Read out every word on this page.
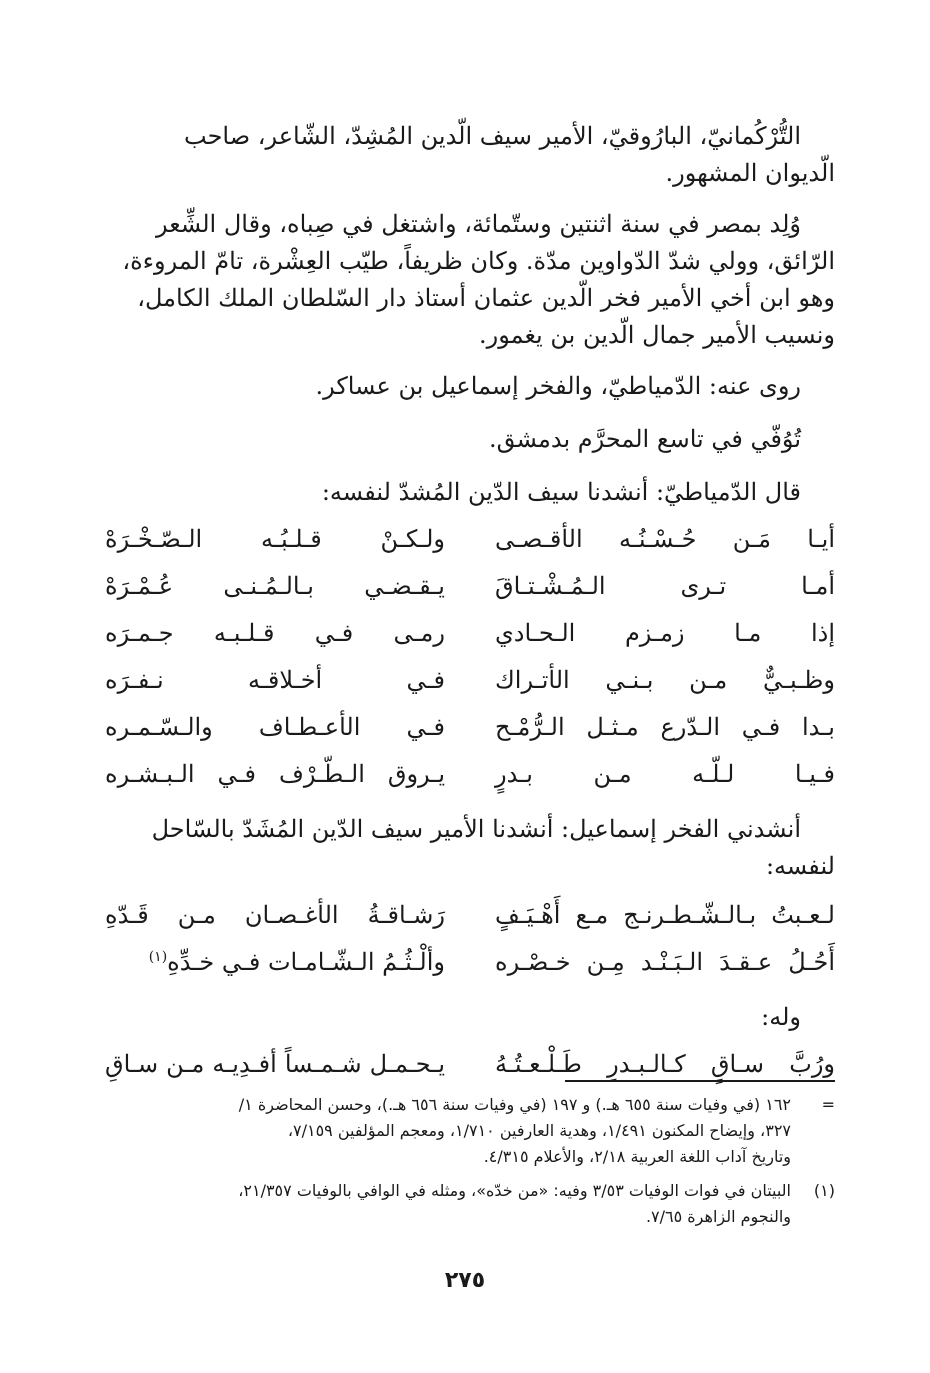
التُّرْكُمانيّ، البارُوقيّ، الأمير سيف الّدين المُشِدّ، الشّاعر، صاحب

الّديوان المشهور.

وُلِد بمصر في سنة اثنتين وستّمائة، واشتغل في صِباه، وقال الشِّعر

الرّائق، وولي شدّ الدّواوين مدّة. وكان ظريفاً، طيّب العِشْرة، تامّ المروءة،

وهو ابن أخي الأمير فخر الّدين عثمان أستاذ دار السّلطان الملك الكامل،

ونسيب الأمير جمال الّدين بن يغمور.

روى عنه: الدّمياطيّ، والفخر إسماعيل بن عساكر.

تُوُفّي في تاسع المحرَّم بدمشق.

قال الدّمياطيّ: أنشدنا سيف الدّين المُشدّ لنفسه:

أيـا مَـن حُـسْـنُـه الأقـصـى
ولـكـنْ قـلـبُـه الـصّـخْـرَهْ
أمـا تـرى الـمُـشْـتـاقَ
يـقـضـي بـالـمُـنـى عُـمْـرَهْ
إذا مـا زمـزم الـحـادي
رمـى فـي قـلـبـه جـمـرَه
وظـبـيٌّ مـن بـنـي الأتـراك
فـي أخـلاقـه نـفـرَه
بـدا فـي الـدّرع مـثـل الـرُّمْـح
فـي الأعـطـاف والـسّـمـره
فـيـا لـلّـه مـن بـدرٍ
يـروق الـطّـرْف فـي الـبـشـره

أنشدني الفخر إسماعيل: أنشدنا الأمير سيف الدّين المُشَدّ بالسّاحل

لنفسه:

لـعـبتُ بـالـشّـطـرنـج مـع أَهْـيَـفٍ
رَشـاقـةُ الأغـصـان مـن قَـدّهِ
أَحُـلُ عـقـدَ الـبَـنْـد مِـن خـصْـره
وألْـثُـمُ الـشّـامـات فـي خـدِّهِ$^{(١)}$

وله:

ورُبَّ سـاقٍ كـالـبـدرِ طَـلْـعـتُـهُ
يـحـمـل شـمـساً أفـدِيـه مـن سـاقِ
=
١٦٢ (في وفيات سنة ٦٥٥ هـ.) و ١٩٧ (في وفيات سنة ٦٥٦ هـ.)، وحسن المحاضرة ١/
٣٢٧، وإيضاح المكنون ١/٤٩١، وهدية العارفين ١/٧١٠، ومعجم المؤلفين ٧/١٥٩،
وتاريخ آداب اللغة العربية ٢/١٨، والأعلام ٤/٣١٥.
(١)
البيتان في فوات الوفيات ٣/٥٣ وفيه: «من خدّه»، ومثله في الوافي بالوفيات ٢١/٣٥٧،
والنجوم الزاهرة ٧/٦٥.
٢٧٥
